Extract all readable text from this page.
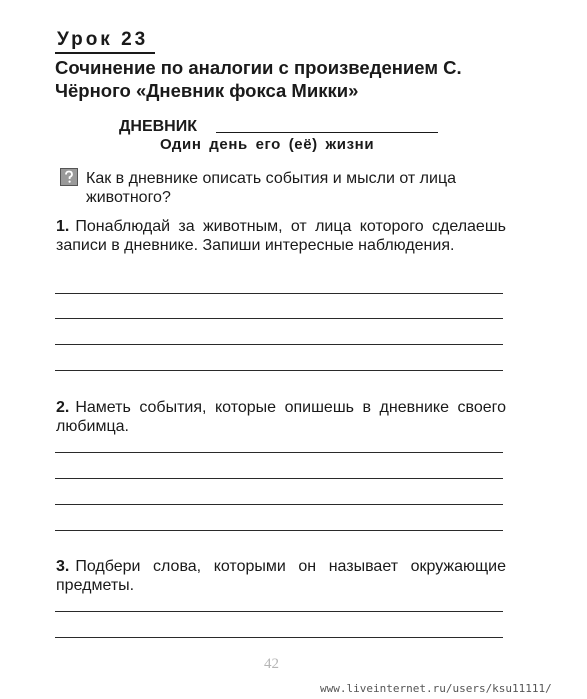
Урок 23
Сочинение по аналогии с произведением С. Чёрного «Дневник фокса Микки»
ДНЕВНИК
Один день его (её) жизни
Как в дневнике описать события и мысли от лица животного?
1. Понаблюдай за животным, от лица которого сделаешь записи в дневнике. Запиши интересные наблюдения.
2. Наметь события, которые опишешь в дневнике своего любимца.
3. Подбери слова, которыми он называет окружающие предметы.
42
www.liveinternet.ru/users/ksu11111/
